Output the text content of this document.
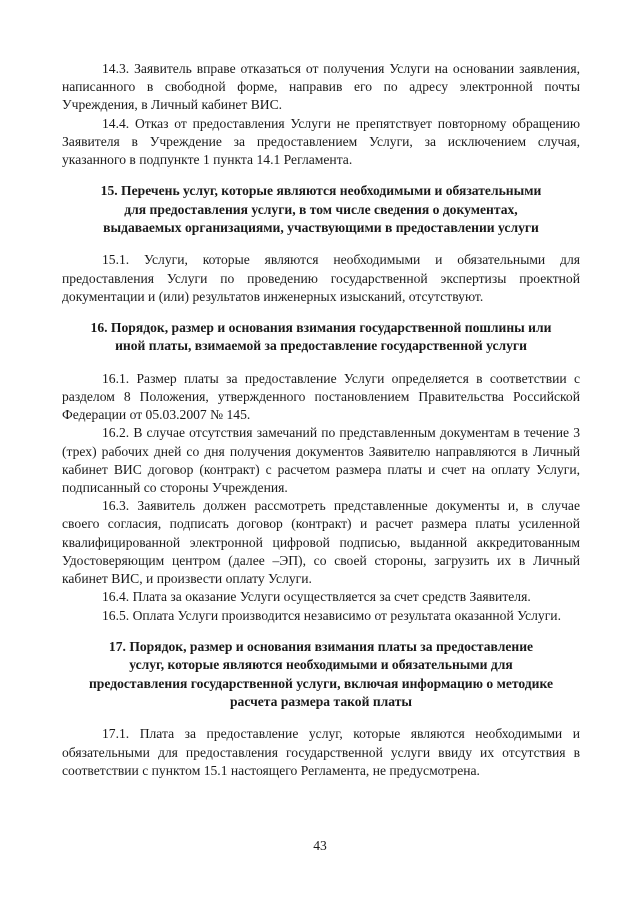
14.3. Заявитель вправе отказаться от получения Услуги на основании заявления, написанного в свободной форме, направив его по адресу электронной почты Учреждения, в Личный кабинет ВИС.

14.4. Отказ от предоставления Услуги не препятствует повторному обращению Заявителя в Учреждение за предоставлением Услуги, за исключением случая, указанного в подпункте 1 пункта 14.1 Регламента.

15. Перечень услуг, которые являются необходимыми и обязательными
для предоставления услуги, в том числе сведения о документах,
выдаваемых организациями, участвующими в предоставлении услуги

15.1. Услуги, которые являются необходимыми и обязательными для предоставления Услуги по проведению государственной экспертизы проектной документации и (или) результатов инженерных изысканий, отсутствуют.

16. Порядок, размер и основания взимания государственной пошлины или
иной платы, взимаемой за предоставление государственной услуги

16.1. Размер платы за предоставление Услуги определяется в соответствии с разделом 8 Положения, утвержденного постановлением Правительства Российской Федерации от 05.03.2007 № 145.

16.2. В случае отсутствия замечаний по представленным документам в течение 3 (трех) рабочих дней со дня получения документов Заявителю направляются в Личный кабинет ВИС договор (контракт) с расчетом размера платы и счет на оплату Услуги, подписанный со стороны Учреждения.

16.3. Заявитель должен рассмотреть представленные документы и, в случае своего согласия, подписать договор (контракт) и расчет размера платы усиленной квалифицированной электронной цифровой подписью, выданной аккредитованным Удостоверяющим центром (далее –ЭП), со своей стороны, загрузить их в Личный кабинет ВИС, и произвести оплату Услуги.

16.4. Плата за оказание Услуги осуществляется за счет средств Заявителя.

16.5. Оплата Услуги производится независимо от результата оказанной Услуги.

17. Порядок, размер и основания взимания платы за предоставление
услуг, которые являются необходимыми и обязательными для
предоставления государственной услуги, включая информацию о методике
расчета размера такой платы

17.1. Плата за предоставление услуг, которые являются необходимыми и обязательными для предоставления государственной услуги ввиду их отсутствия в соответствии с пунктом 15.1 настоящего Регламента, не предусмотрена.

43
